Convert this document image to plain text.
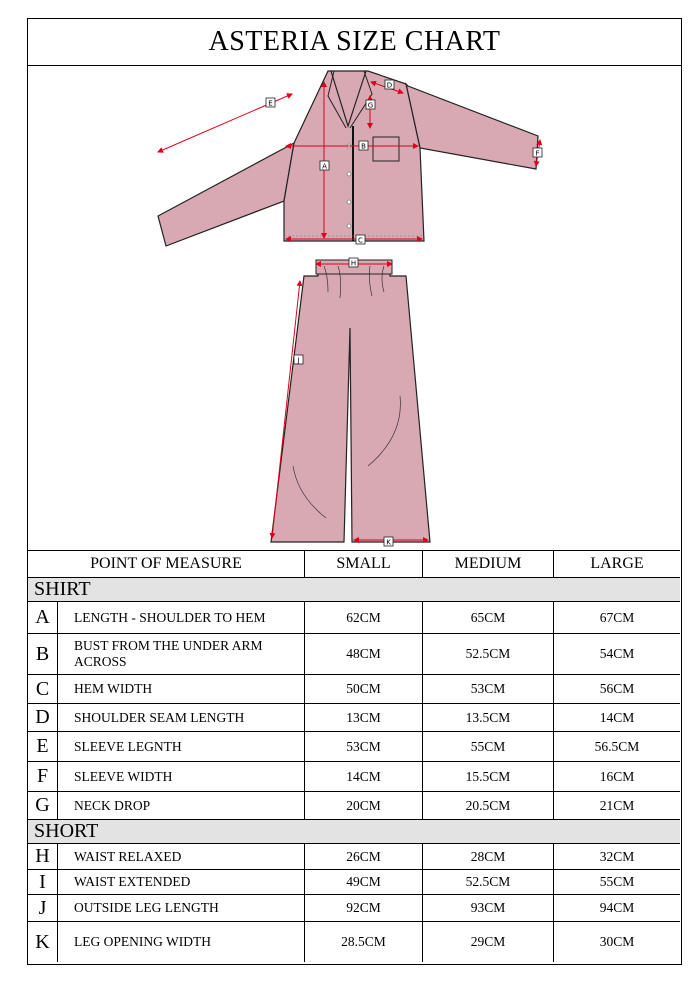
ASTERIA SIZE CHART
A
B
C
D
E
F
G
H
J
K
POINT OF MEASURE	SMALL	MEDIUM	LARGE
SHIRT
A	LENGTH - SHOULDER TO HEM	62CM	65CM	67CM
B	BUST FROM THE UNDER ARM ACROSS
48CM	52.5CM	54CM
C	HEM WIDTH	50CM	53CM	56CM
D	SHOULDER SEAM LENGTH	13CM	13.5CM	14CM
E	SLEEVE LEGNTH	53CM	55CM	56.5CM
F	SLEEVE WIDTH	14CM	15.5CM	16CM
G	NECK DROP	20CM	20.5CM	21CM
SHORT
H	WAIST RELAXED	26CM	28CM	32CM
I	WAIST EXTENDED	49CM	52.5CM	55CM
J	OUTSIDE LEG LENGTH	92CM	93CM	94CM
K	LEG OPENING WIDTH	28.5CM	29CM	30CM
